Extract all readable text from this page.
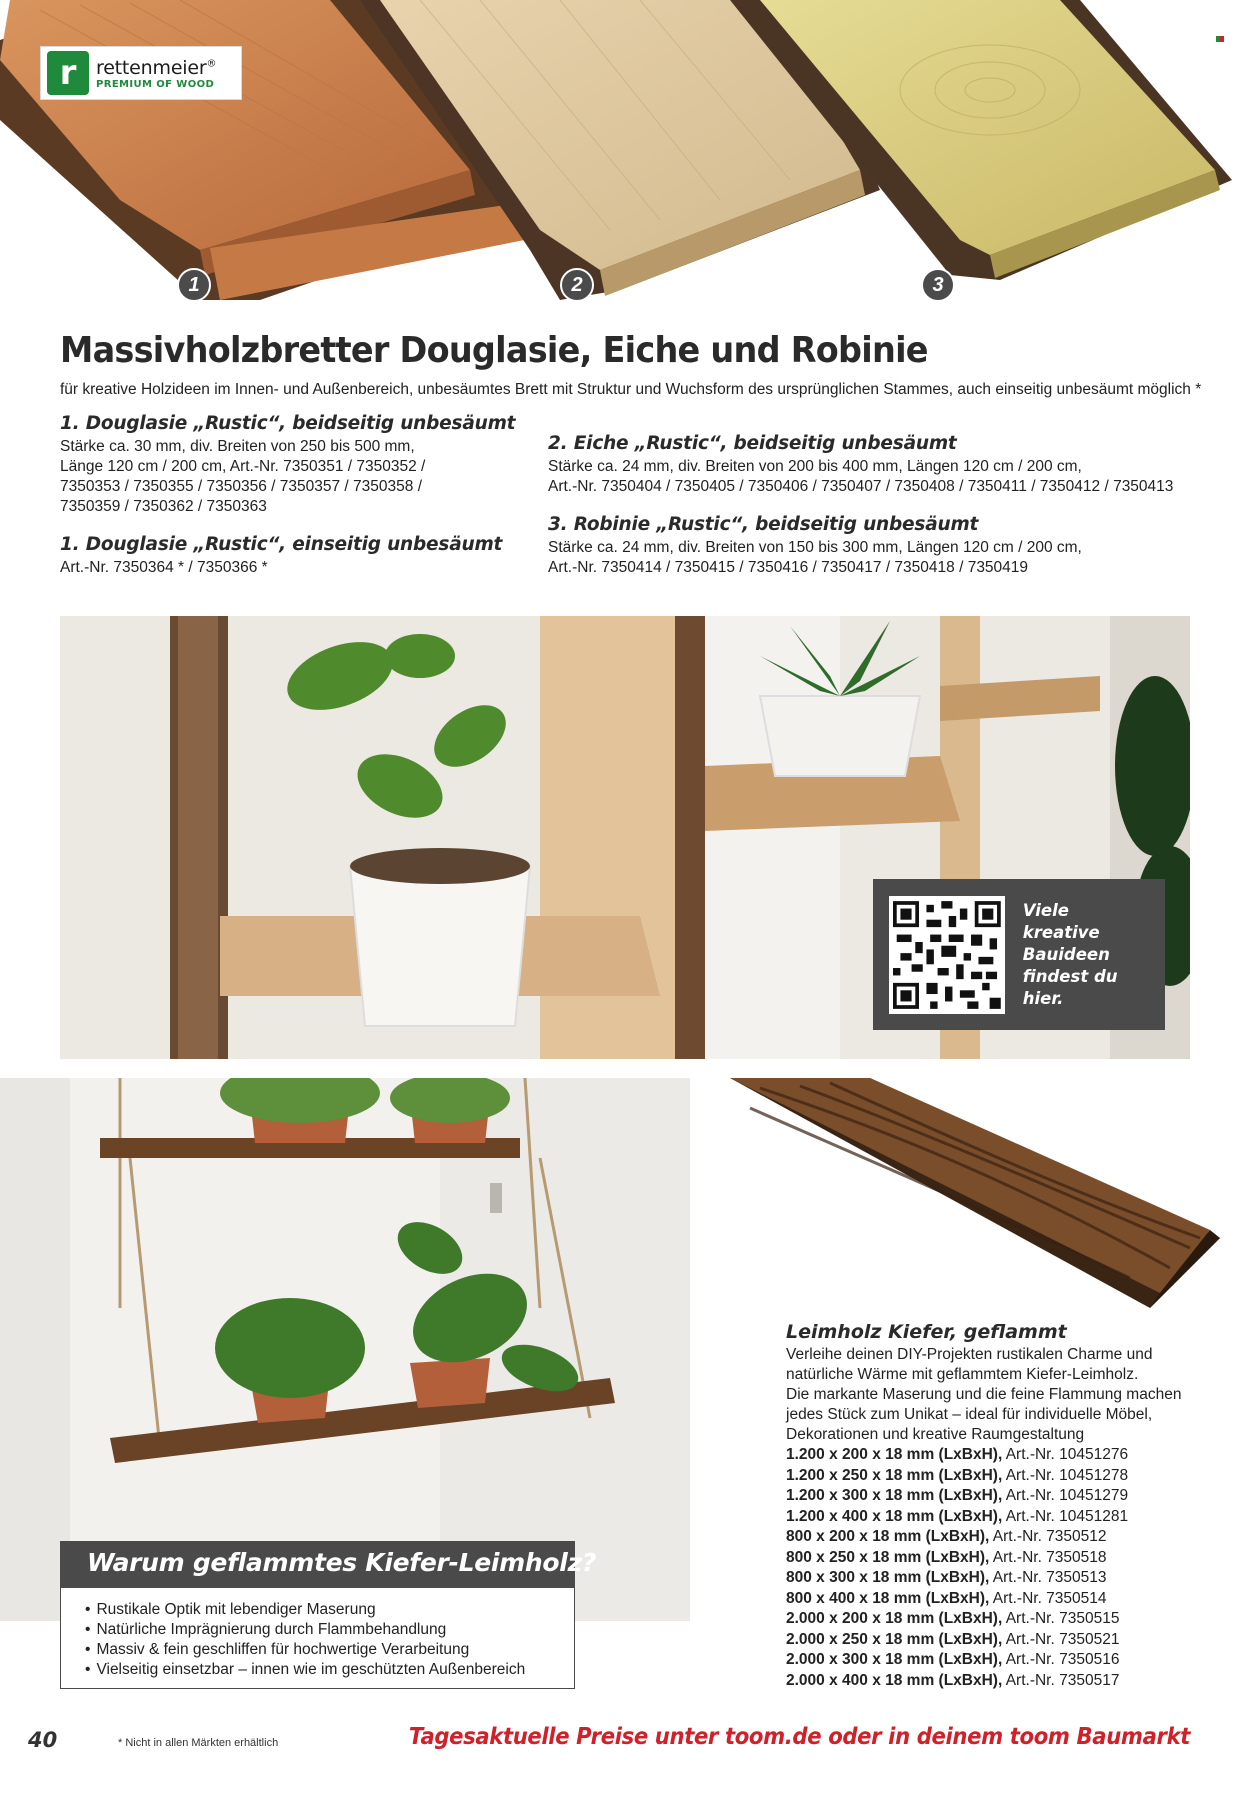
r	rettenmeier®
PREMIUM OF WOOD
1	2	3
Massivholzbretter Douglasie, Eiche und Robinie

für kreative Holzideen im Innen- und Außenbereich, unbesäumtes Brett mit Struktur und Wuchsform des ursprünglichen Stammes, auch einseitig unbesäumt möglich *

1. Douglasie „Rustic“, beidseitig unbesäumt

Stärke ca. 30 mm, div. Breiten von 250 bis 500 mm,

Länge 120 cm / 200 cm, Art.-Nr. 7350351 / 7350352 /

7350353 / 7350355 / 7350356 / 7350357 / 7350358 /

7350359 / 7350362 / 7350363

1. Douglasie „Rustic“, einseitig unbesäumt

Art.-Nr. 7350364 * / 7350366 *

2. Eiche „Rustic“, beidseitig unbesäumt

Stärke ca. 24 mm, div. Breiten von 200 bis 400 mm, Längen 120 cm / 200 cm,

Art.-Nr. 7350404 / 7350405 / 7350406 / 7350407 / 7350408 / 7350411 / 7350412 / 7350413

3. Robinie „Rustic“, beidseitig unbesäumt

Stärke ca. 24 mm, div. Breiten von 150 bis 300 mm, Längen 120 cm / 200 cm,

Art.-Nr. 7350414 / 7350415 / 7350416 / 7350417 / 7350418 / 7350419

Viele kreative
Bauideen
findest du
hier.
Warum geflammtes Kiefer-Leimholz?
• Rustikale Optik mit lebendiger Maserung
• Natürliche Imprägnierung durch Flammbehandlung
• Massiv & fein geschliffen für hochwertige Verarbeitung
• Vielseitig einsetzbar – innen wie im geschützten Außenbereich
Leimholz Kiefer, geflammt

Verleihe deinen DIY-Projekten rustikalen Charme und

natürliche Wärme mit geflammtem Kiefer-Leimholz.

Die markante Maserung und die feine Flammung machen

jedes Stück zum Unikat – ideal für individuelle Möbel,

Dekorationen und kreative Raumgestaltung

1.200 x 200 x 18 mm (LxBxH), Art.-Nr. 10451276
1.200 x 250 x 18 mm (LxBxH), Art.-Nr. 10451278
1.200 x 300 x 18 mm (LxBxH), Art.-Nr. 10451279
1.200 x 400 x 18 mm (LxBxH), Art.-Nr. 10451281
800 x 200 x 18 mm (LxBxH), Art.-Nr. 7350512
800 x 250 x 18 mm (LxBxH), Art.-Nr. 7350518
800 x 300 x 18 mm (LxBxH), Art.-Nr. 7350513
800 x 400 x 18 mm (LxBxH), Art.-Nr. 7350514
2.000 x 200 x 18 mm (LxBxH), Art.-Nr. 7350515
2.000 x 250 x 18 mm (LxBxH), Art.-Nr. 7350521
2.000 x 300 x 18 mm (LxBxH), Art.-Nr. 7350516
2.000 x 400 x 18 mm (LxBxH), Art.-Nr. 7350517
40	* Nicht in allen Märkten erhältlich	Tagesaktuelle Preise unter toom.de oder in deinem toom Baumarkt
